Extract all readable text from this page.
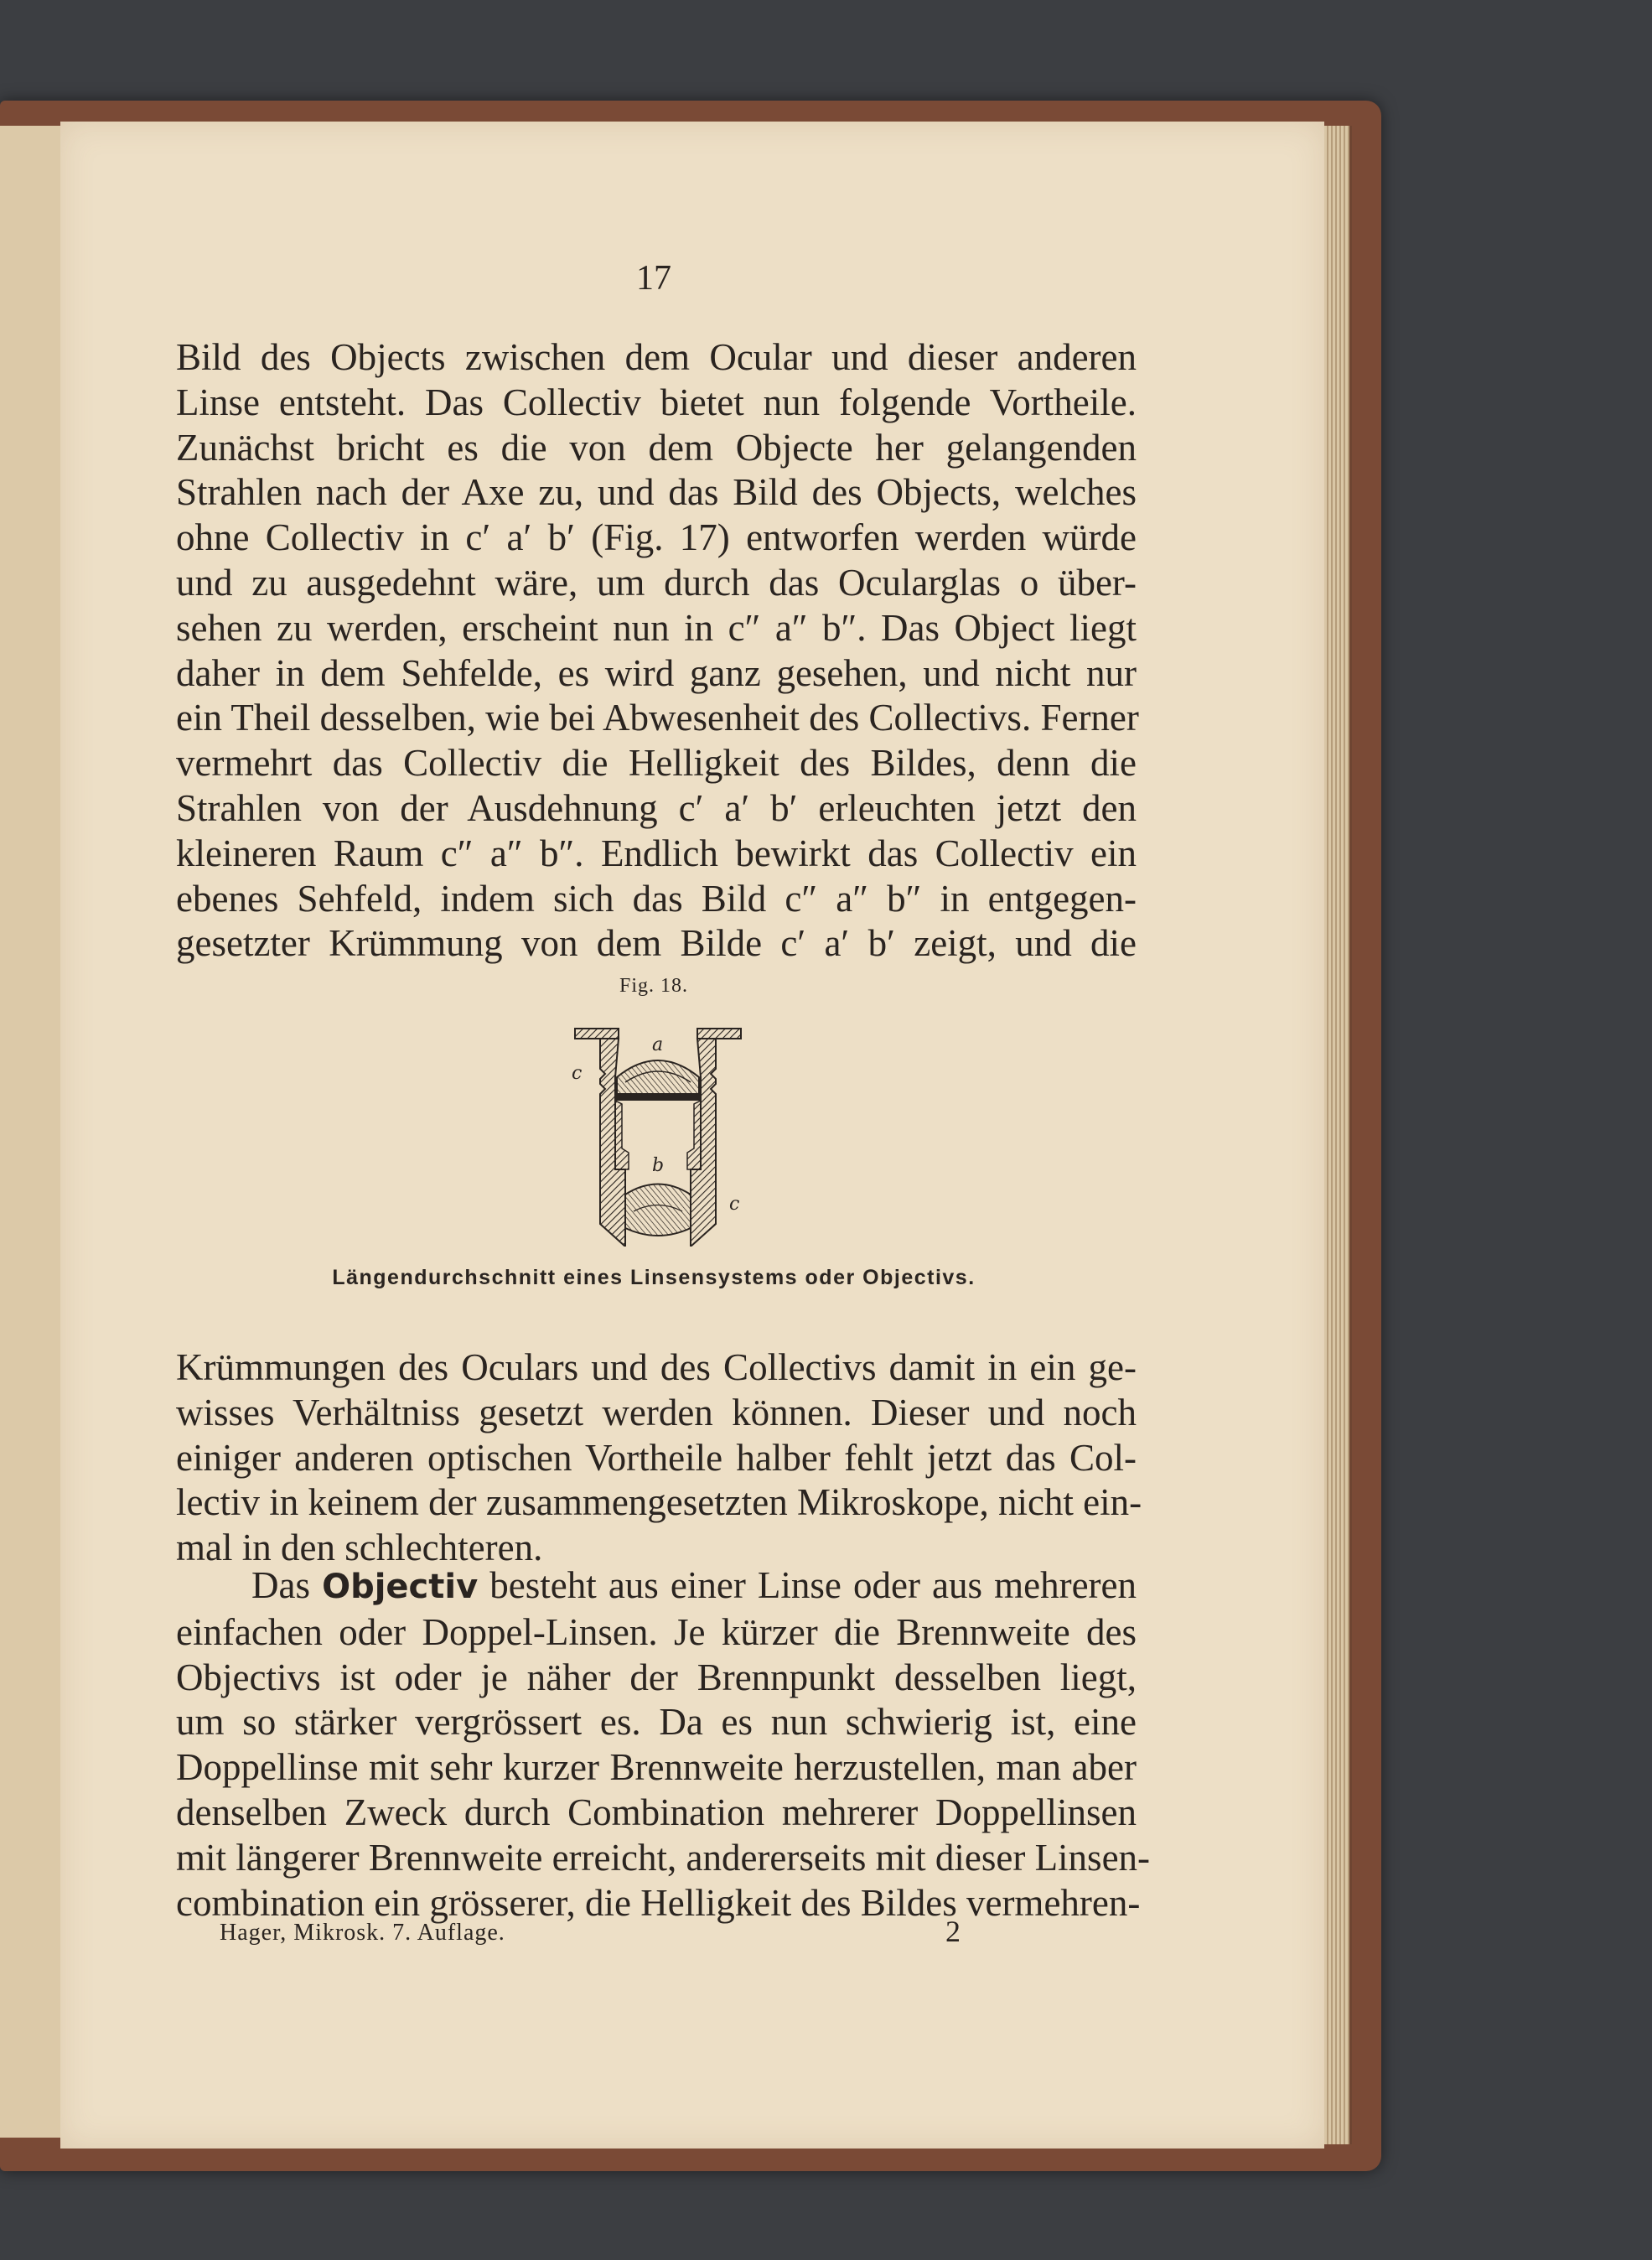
17
Bild des Objects zwischen dem Ocular und dieser anderen
Linse entsteht. Das Collectiv bietet nun folgende Vortheile.
Zunächst bricht es die von dem Objecte her gelangenden
Strahlen nach der Axe zu, und das Bild des Objects, welches
ohne Collectiv in c′ a′ b′ (Fig. 17) entworfen werden würde
und zu ausgedehnt wäre, um durch das Ocularglas o über-
sehen zu werden, erscheint nun in c″ a″ b″. Das Object liegt
daher in dem Sehfelde, es wird ganz gesehen, und nicht nur
ein Theil desselben, wie bei Abwesenheit des Collectivs. Ferner
vermehrt das Collectiv die Helligkeit des Bildes, denn die
Strahlen von der Ausdehnung c′ a′ b′ erleuchten jetzt den
kleineren Raum c″ a″ b″. Endlich bewirkt das Collectiv ein
ebenes Sehfeld, indem sich das Bild c″ a″ b″ in entgegen-
gesetzter Krümmung von dem Bilde c′ a′ b′ zeigt, und die
Fig. 18.
a
b
c
c
Längendurchschnitt eines Linsensystems oder Objectivs.
Krümmungen des Oculars und des Collectivs damit in ein ge-
wisses Verhältniss gesetzt werden können. Dieser und noch
einiger anderen optischen Vortheile halber fehlt jetzt das Col-
lectiv in keinem der zusammengesetzten Mikroskope, nicht ein-
mal in den schlechteren.
Das Objectiv besteht aus einer Linse oder aus mehreren
einfachen oder Doppel-Linsen. Je kürzer die Brennweite des
Objectivs ist oder je näher der Brennpunkt desselben liegt,
um so stärker vergrössert es. Da es nun schwierig ist, eine
Doppellinse mit sehr kurzer Brennweite herzustellen, man aber
denselben Zweck durch Combination mehrerer Doppellinsen
mit längerer Brennweite erreicht, andererseits mit dieser Linsen-
combination ein grösserer, die Helligkeit des Bildes vermehren-
Hager, Mikrosk. 7. Auflage.	2
